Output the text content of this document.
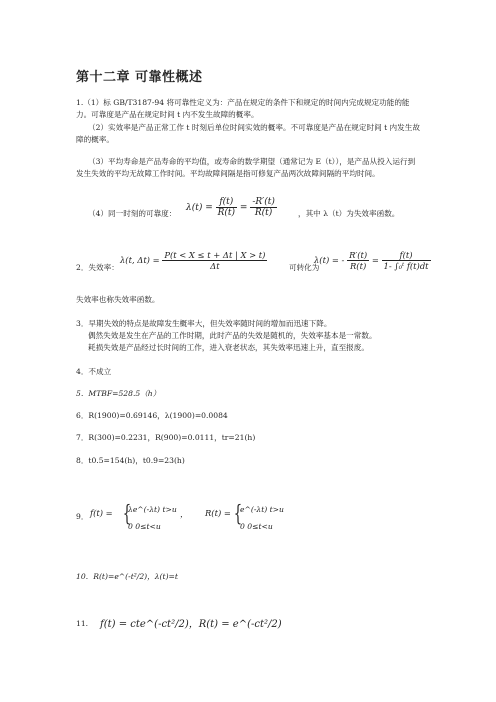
第十二章 可靠性概述
1.（1）标 GB/T3187-94 将可靠性定义为：产品在规定的条件下和规定的时间内完成规定功能的能力。可靠度是产品在规定时间 t 内不发生故障的概率。
（2）实效率是产品正常工作 t 时刻后单位时间实效的概率。不可靠度是产品在规定时间 t 内发生故障的概率。
（3）平均寿命是产品寿命的平均值，或寿命的数学期望（通常记为 E（t）），是产品从投入运行到发生失效的平均无故障工作时间。平均故障间隔是指可修复产品两次故障间隔的平均时间。
（4）同一时刻的可靠度：
$\lambda(t) = \frac{f(t)}{R(t)} = \frac{-R'(t)}{R(t)}$	，其中 λ（t）为失效率函数。
2．失效率：
λ(t, $\Delta t) = \frac{P(t < X \le t + \Delta t | X > t)}{\Delta t}$	可转化为
λ(t) = - $\frac{R'(t)}{R(t)} = \frac{f(t)}{\text{1- ∫₀ᵗ f(t)dt}}$
失效率也称失效率函数。
3．早期失效的特点是故障发生概率大，但失效率随时间的增加而迅速下降。
偶然失效是发生在产品的工作时期，此时产品的失效是随机的，失效率基本是一常数。
耗损失效是产品经过长时间的工作，进入衰老状态，其失效率迅速上升，直至报废。
4．不成立
5．MTBF=528.5（h）
6．R(1900)=0.69146，λ(1900)=0.0084
7．R(300)=0.2231，R(900)=0.0111，tr=21(h)
8．t0.5=154(h)，t0.9=23(h)
9． f(t) = {
λe^(-λt) t>u
0 0≤t<u
， R(t) = {
e^(-λt) t>u
0 0≤t<u
10．R(t)=e^(-t²/2)，λ(t)=t
11.	f(t) = cte^(-ct²/2)，R(t) = e^(-ct²/2)
